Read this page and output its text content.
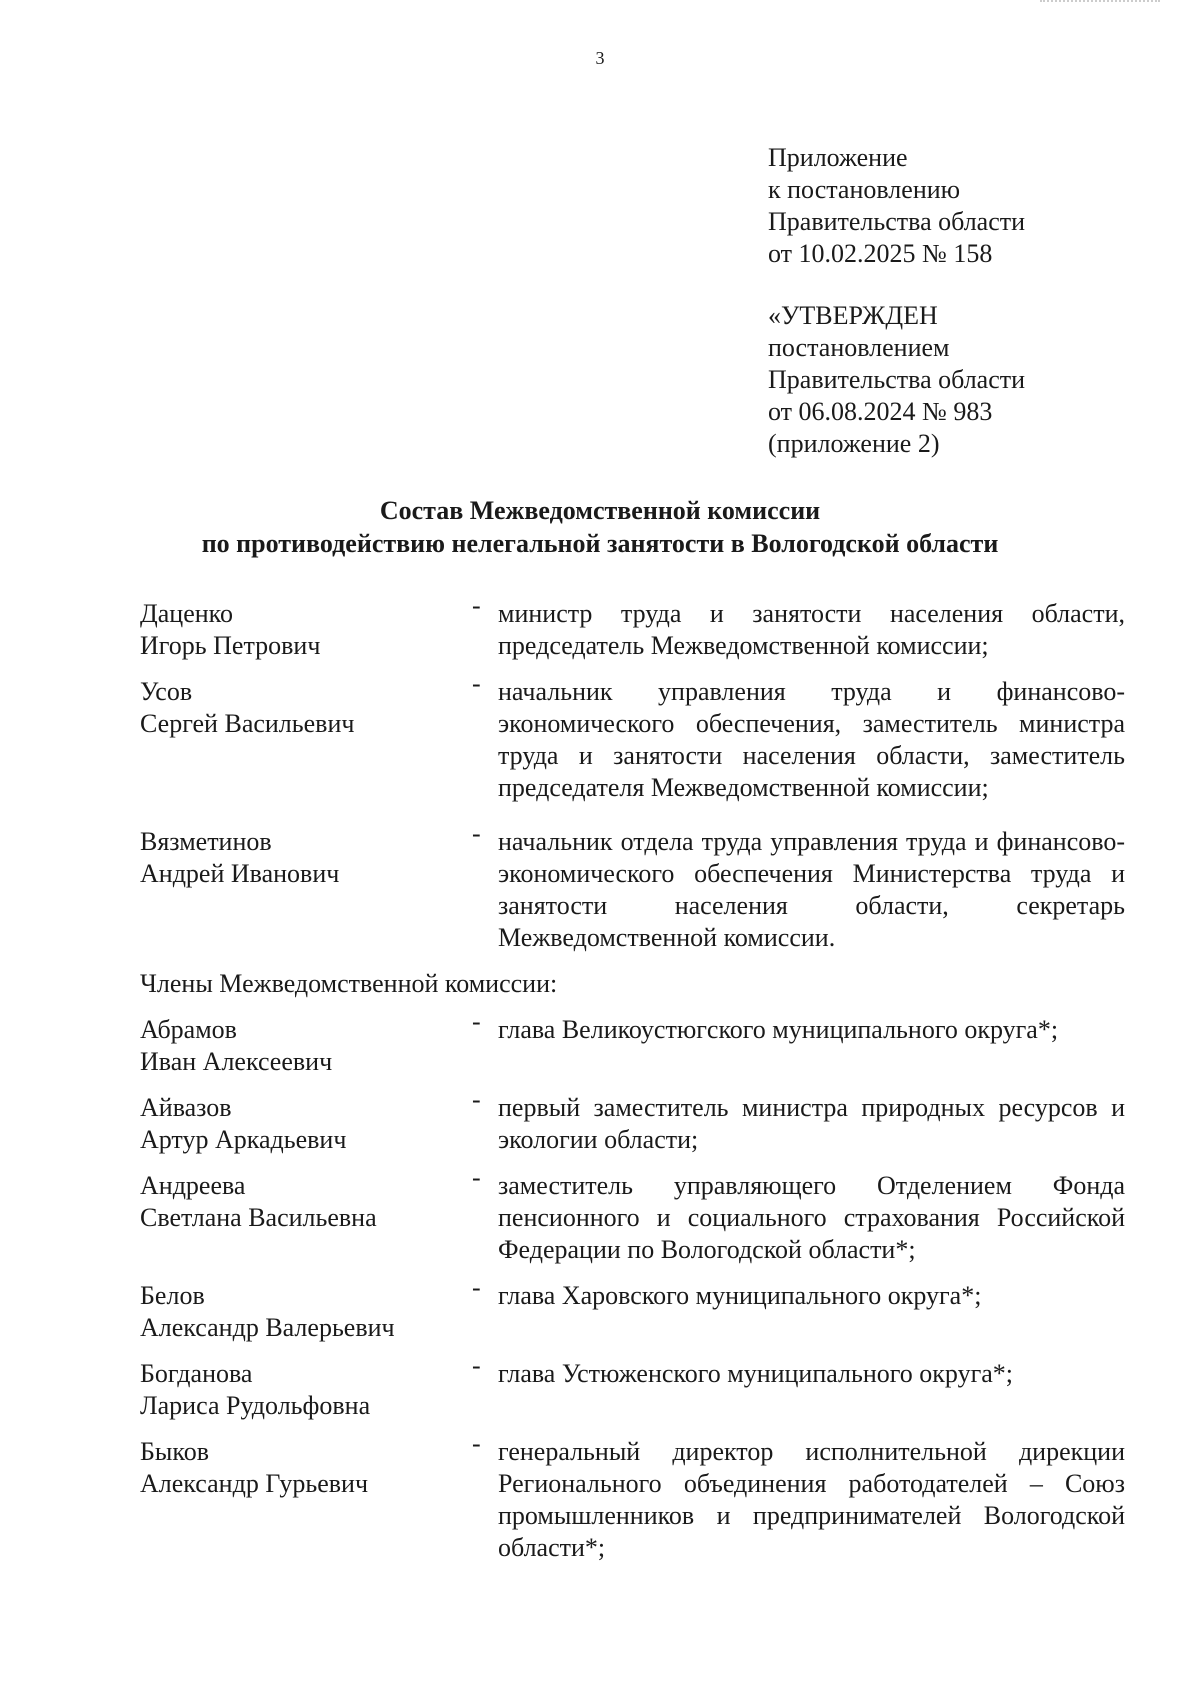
3
Приложение
к постановлению
Правительства области
от 10.02.2025 № 158
«УТВЕРЖДЕН
постановлением
Правительства области
от 06.08.2024 № 983
(приложение 2)
Состав Межведомственной комиссии
по противодействию нелегальной занятости в Вологодской области
Даценко
Игорь Петрович
- министр труда и занятости населения области, председатель Межведомственной комиссии;
Усов
Сергей Васильевич
- начальник управления труда и финансово-экономического обеспечения, заместитель министра труда и занятости населения области, заместитель председателя Межведомственной комиссии;
Вязметинов
Андрей Иванович
- начальник отдела труда управления труда и финансово-экономического обеспечения Министерства труда и занятости населения области, секретарь Межведомственной комиссии.
Члены Межведомственной комиссии:
Абрамов
Иван Алексеевич
- глава Великоустюгского муниципального округа*;
Айвазов
Артур Аркадьевич
- первый заместитель министра природных ресурсов и экологии области;
Андреева
Светлана Васильевна
- заместитель управляющего Отделением Фонда пенсионного и социального страхования Российской Федерации по Вологодской области*;
Белов
Александр Валерьевич
- глава Харовского муниципального округа*;
Богданова
Лариса Рудольфовна
- глава Устюженского муниципального округа*;
Быков
Александр Гурьевич
- генеральный директор исполнительной дирекции Регионального объединения работодателей – Союз промышленников и предпринимателей Вологодской области*;
